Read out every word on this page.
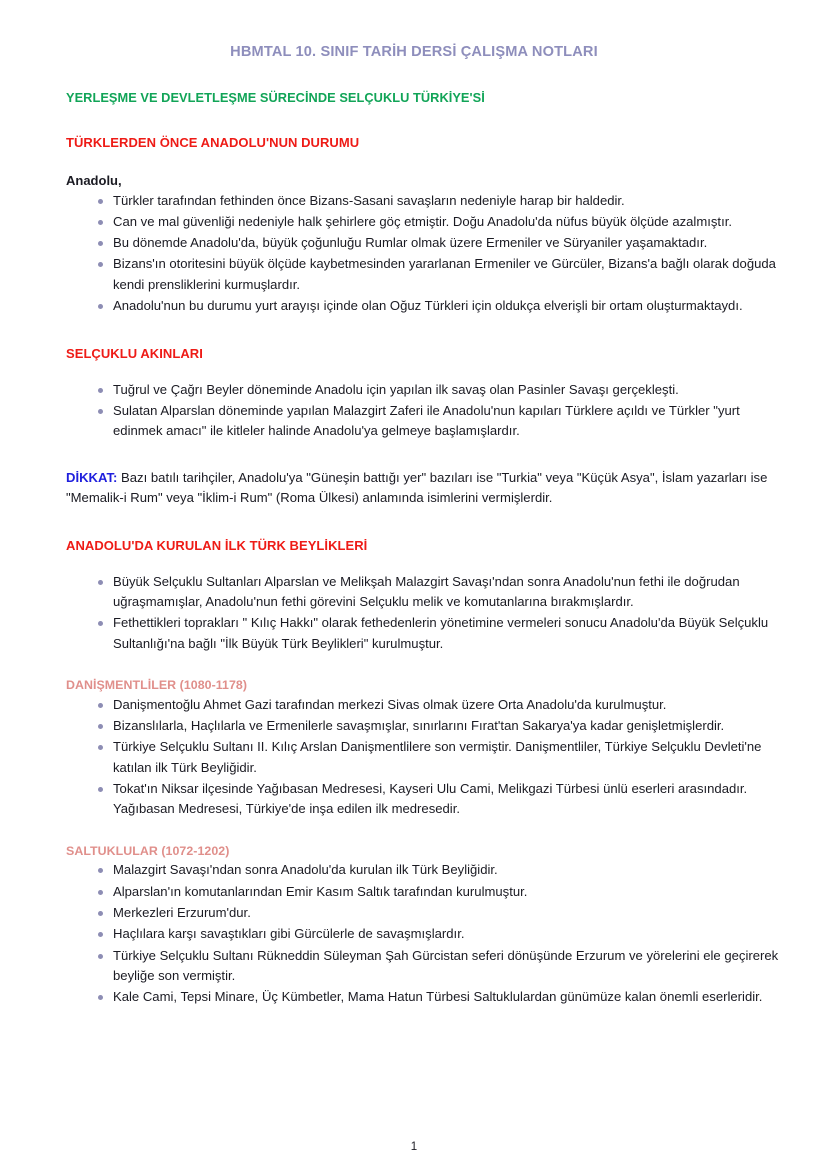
HBMTAL 10. SINIF TARİH DERSİ ÇALIŞMA NOTLARI
YERLEŞME VE DEVLETLEŞME SÜRECİNDE SELÇUKLU TÜRKİYE'Sİ
TÜRKLERDEN ÖNCE ANADOLU'NUN DURUMU

Anadolu,

Türkler tarafından fethinden önce Bizans-Sasani savaşların nedeniyle harap bir haldedir.
Can ve mal güvenliği nedeniyle halk şehirlere göç etmiştir. Doğu Anadolu'da nüfus büyük ölçüde azalmıştır.
Bu dönemde Anadolu'da, büyük çoğunluğu Rumlar olmak üzere Ermeniler ve Süryaniler yaşamaktadır.
Bizans'ın otoritesini büyük ölçüde kaybetmesinden yararlanan Ermeniler ve Gürcüler, Bizans'a bağlı olarak doğuda kendi prensliklerini kurmuşlardır.
Anadolu'nun bu durumu yurt arayışı içinde olan Oğuz Türkleri için oldukça elverişli bir ortam oluşturmaktaydı.
SELÇUKLU AKINLARI
Tuğrul ve Çağrı Beyler döneminde Anadolu için yapılan ilk savaş olan Pasinler Savaşı gerçekleşti.
Sulatan Alparslan döneminde yapılan Malazgirt Zaferi ile Anadolu'nun kapıları Türklere açıldı ve Türkler "yurt edinmek amacı" ile kitleler halinde Anadolu'ya gelmeye başlamışlardır.

DİKKAT: Bazı batılı tarihçiler, Anadolu'ya "Güneşin battığı yer" bazıları ise "Turkia" veya "Küçük Asya", İslam yazarları ise "Memalik-i Rum" veya "İklim-i Rum" (Roma Ülkesi) anlamında isimlerini vermişlerdir.

ANADOLU'DA KURULAN İLK TÜRK BEYLİKLERİ
Büyük Selçuklu Sultanları Alparslan ve Melikşah Malazgirt Savaşı'ndan sonra Anadolu'nun fethi ile doğrudan uğraşmamışlar, Anadolu'nun fethi görevini Selçuklu melik ve komutanlarına bırakmışlardır.
Fethettikleri toprakları " Kılıç Hakkı" olarak fethedenlerin yönetimine vermeleri sonucu Anadolu'da Büyük Selçuklu Sultanlığı'na bağlı "İlk Büyük Türk Beylikleri" kurulmuştur.
DANİŞMENTLİLER (1080-1178)
Danişmentoğlu Ahmet Gazi tarafından merkezi Sivas olmak üzere Orta Anadolu'da kurulmuştur.
Bizanslılarla, Haçlılarla ve Ermenilerle savaşmışlar, sınırlarını Fırat'tan Sakarya'ya kadar genişletmişlerdir.
Türkiye Selçuklu Sultanı II. Kılıç Arslan Danişmentlilere son vermiştir. Danişmentliler, Türkiye Selçuklu Devleti'ne katılan ilk Türk Beyliğidir.
Tokat'ın Niksar ilçesinde Yağıbasan Medresesi, Kayseri Ulu Cami, Melikgazi Türbesi ünlü eserleri arasındadır. Yağıbasan Medresesi, Türkiye'de inşa edilen ilk medresedir.
SALTUKLULAR (1072-1202)
Malazgirt Savaşı'ndan sonra Anadolu'da kurulan ilk Türk Beyliğidir.
Alparslan'ın komutanlarından Emir Kasım Saltık tarafından kurulmuştur.
Merkezleri Erzurum'dur.
Haçlılara karşı savaştıkları gibi Gürcülerle de savaşmışlardır.
Türkiye Selçuklu Sultanı Rükneddin Süleyman Şah Gürcistan seferi dönüşünde Erzurum ve yörelerini ele geçirerek beyliğe son vermiştir.
Kale Cami, Tepsi Minare, Üç Kümbetler, Mama Hatun Türbesi Saltuklulardan günümüze kalan önemli eserleridir.
1
